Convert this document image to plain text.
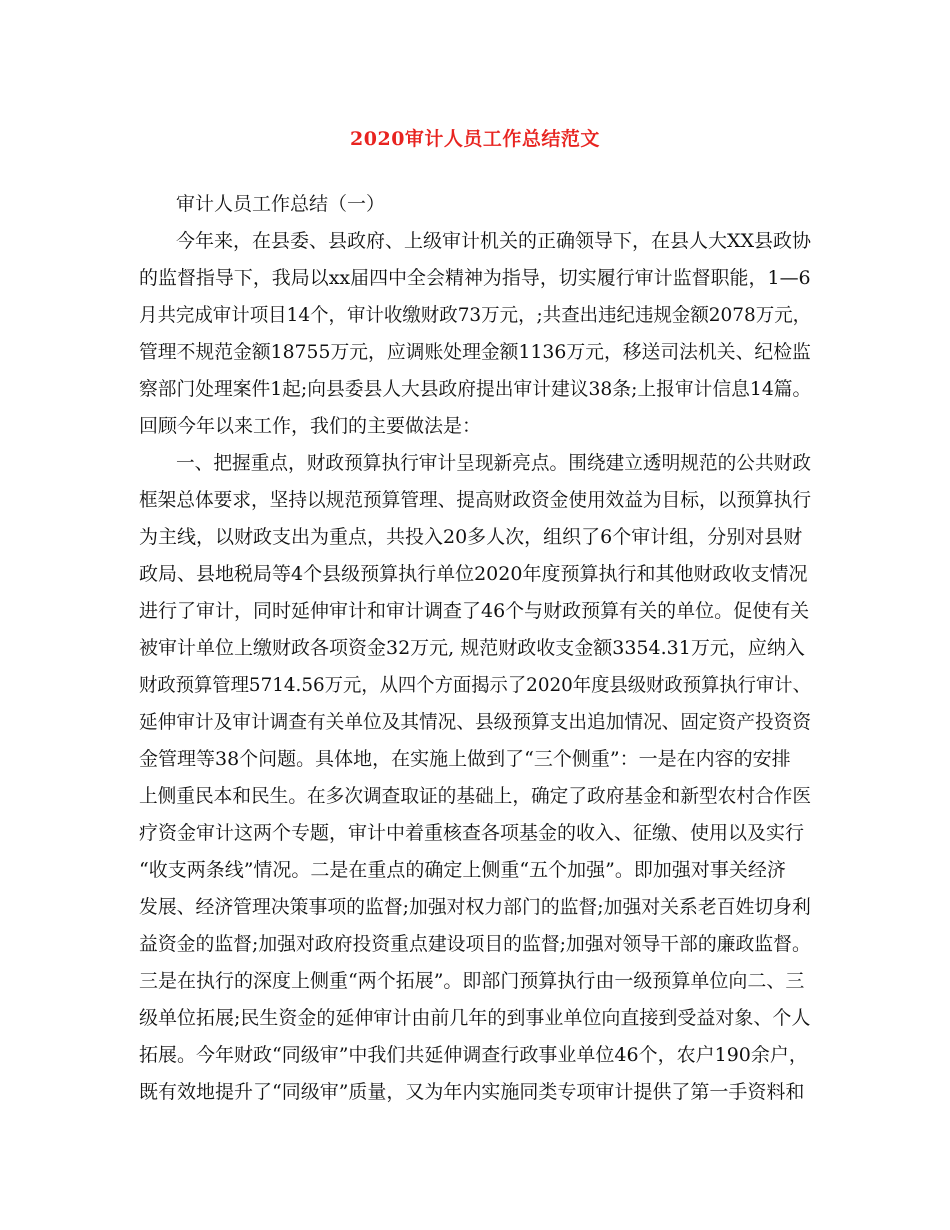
2020审计人员工作总结范文
审计人员工作总结（一）
今年来，在县委、县政府、上级审计机关的正确领导下，在县人大XX县政协
的监督指导下，我局以xx届四中全会精神为指导，切实履行审计监督职能，1—6
月共完成审计项目14个，审计收缴财政73万元，;共查出违纪违规金额2078万元，
管理不规范金额18755万元，应调账处理金额1136万元，移送司法机关、纪检监
察部门处理案件1起;向县委县人大县政府提出审计建议38条;上报审计信息14篇。
回顾今年以来工作，我们的主要做法是：
一、把握重点，财政预算执行审计呈现新亮点。围绕建立透明规范的公共财政
框架总体要求，坚持以规范预算管理、提高财政资金使用效益为目标，以预算执行
为主线，以财政支出为重点，共投入20多人次，组织了6个审计组，分别对县财
政局、县地税局等4个县级预算执行单位2020年度预算执行和其他财政收支情况
进行了审计，同时延伸审计和审计调查了46个与财政预算有关的单位。促使有关
被审计单位上缴财政各项资金32万元, 规范财政收支金额3354.31万元，应纳入
财政预算管理5714.56万元，从四个方面揭示了2020年度县级财政预算执行审计、
延伸审计及审计调查有关单位及其情况、县级预算支出追加情况、固定资产投资资
金管理等38个问题。具体地，在实施上做到了“三个侧重”：一是在内容的安排
上侧重民本和民生。在多次调查取证的基础上，确定了政府基金和新型农村合作医
疗资金审计这两个专题，审计中着重核查各项基金的收入、征缴、使用以及实行
“收支两条线”情况。二是在重点的确定上侧重“五个加强”。即加强对事关经济
发展、经济管理决策事项的监督;加强对权力部门的监督;加强对关系老百姓切身利
益资金的监督;加强对政府投资重点建设项目的监督;加强对领导干部的廉政监督。
三是在执行的深度上侧重“两个拓展”。即部门预算执行由一级预算单位向二、三
级单位拓展;民生资金的延伸审计由前几年的到事业单位向直接到受益对象、个人
拓展。今年财政“同级审”中我们共延伸调查行政事业单位46个，农户190余户，
既有效地提升了“同级审”质量，又为年内实施同类专项审计提供了第一手资料和
